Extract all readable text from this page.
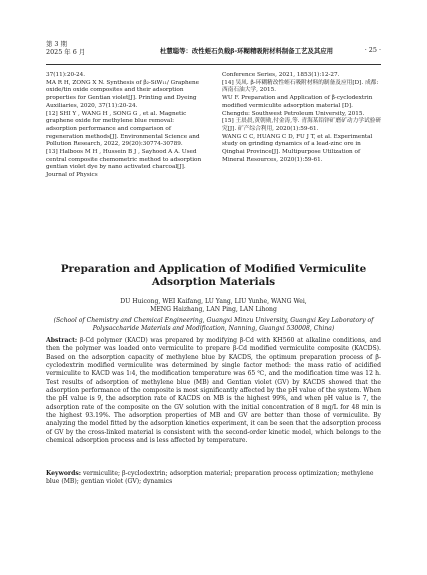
第 3 期
2025 年 6 月	杜慧聪等：改性蛭石负载β-环糊精吸附材料制备工艺及其应用	· 25 ·

37(11):20-24.

MA R H, ZONG X N. Synthesis of β₂-SiW₁₁/ Graphene oxide/tin oxide composites and their adsorption properties for Gentian violet[J]. Printing and Dyeing Auxiliaries, 2020, 37(11):20-24.

[12] SHI Y , WANG H , SONG G , et al. Magnetic graphene oxide for methylene blue removal: adsorption performance and comparison of regeneration methods[J]. Environmental Science and Pollution Research, 2022, 29(20):30774-30789.

[13] Halboos M H , Hussein B J , Sayhood A A. Used central composite chemometric method to adsorption gentian violet dye by nano activated charcoal[J]. Journal of Physics

Conference Series, 2021, 1853(1):12-27.

[14] 吴凤. β-环糊精改性蛭石吸附材料的制备及应用[D]. 成都: 西南石油大学, 2015.

WU F. Preparation and Application of β-cyclodextrin modified vermiculite adsorption material [D]. Chengdu: Southwest Petroleum University, 2015.

[15] 王晨晨,黄朝勋,付金涛,等. 青海某铅锌矿磨矿动力学试验研究[J]. 矿产综合利用, 2020(1):59-61.

WANG C C, HUANG C D, FU J T, et al. Experimental study on grinding dynamics of a lead-zinc ore in Qinghai Province[J]. Multipurpose Utilization of Mineral Resources, 2020(1):59-61.

Preparation and Application of Modified Vermiculite
Adsorption Materials
DU Huicong, WEI Kaifang, LU Yang, LIU Yunhe, WANG Wei,
MENG Haizhang, LAN Ping, LAN Lihong
(School of Chemistry and Chemical Engineering, Guangxi Minzu University, Guangxi Key Laboratory of
Polysaccharide Materials and Modification, Nanning, Guangxi 530008, China)
Abstract: β-Cd polymer (KACD) was prepared by modifying β-Cd with KH560 at alkaline conditions, and then the polymer was loaded onto vermiculite to prepare β-Cd modified vermiculite composite (KACDS). Based on the adsorption capacity of methylene blue by KACDS, the optimum preparation process of β-cyclodextrin modified vermiculite was determined by single factor method: the mass ratio of acidified vermiculite to KACD was 1∶4, the modification temperature was 65 ℃, and the modification time was 12 h. Test results of adsorption of methylene blue (MB) and Gentian violet (GV) by KACDS showed that the adsorption performance of the composite is most significantly affected by the pH value of the system. When the pH value is 9, the adsorption rate of KACDS on MB is the highest 99%, and when pH value is 7, the adsorption rate of the composite on the GV solution with the initial concentration of 8 mg/L for 48 min is the highest 93.19%. The adsorption properties of MB and GV are better than those of vermiculite. By analyzing the model fitted by the adsorption kinetics experiment, it can be seen that the adsorption process of GV by the cross-linked material is consistent with the second-order kinetic model, which belongs to the chemical adsorption process and is less affected by temperature.
Keywords: vermiculite; β-cyclodextrin; adsorption material; preparation process optimization; methylene blue (MB); gentian violet (GV); dynamics
